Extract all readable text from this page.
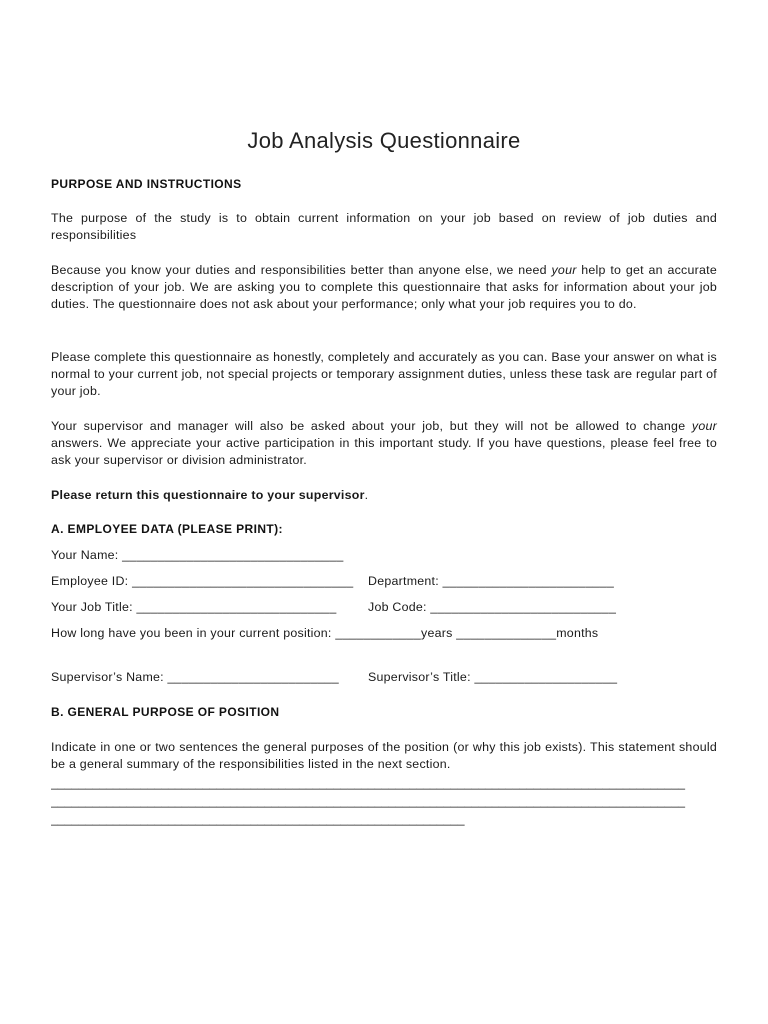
Job Analysis Questionnaire
PURPOSE AND INSTRUCTIONS
The purpose of the study is to obtain current information on your job based on review of job duties and responsibilities
Because you know your duties and responsibilities better than anyone else, we need your help to get an accurate description of your job. We are asking you to complete this questionnaire that asks for information about your job duties. The questionnaire does not ask about your performance; only what your job requires you to do.
Please complete this questionnaire as honestly, completely and accurately as you can. Base your answer on what is normal to your current job, not special projects or temporary assignment duties, unless these task are regular part of your job.
Your supervisor and manager will also be asked about your job, but they will not be allowed to change your answers. We appreciate your active participation in this important study. If you have questions, please feel free to ask your supervisor or division administrator.
Please return this questionnaire to your supervisor.
A. EMPLOYEE DATA (PLEASE PRINT):
Your Name: _______________________________
Employee ID: _______________________________ Department: ________________________
Your Job Title: ____________________________	Job Code: __________________________
How long have you been in your current position: ____________years ______________months
Supervisor’s Name: ________________________ Supervisor’s Title: ____________________
B. GENERAL PURPOSE OF POSITION
Indicate in one or two sentences the general purposes of the position (or why this job exists). This statement should be a general summary of the responsibilities listed in the next section.
____________________________________________________________________________________________
____________________________________________________________________________________________
____________________________________________________________
